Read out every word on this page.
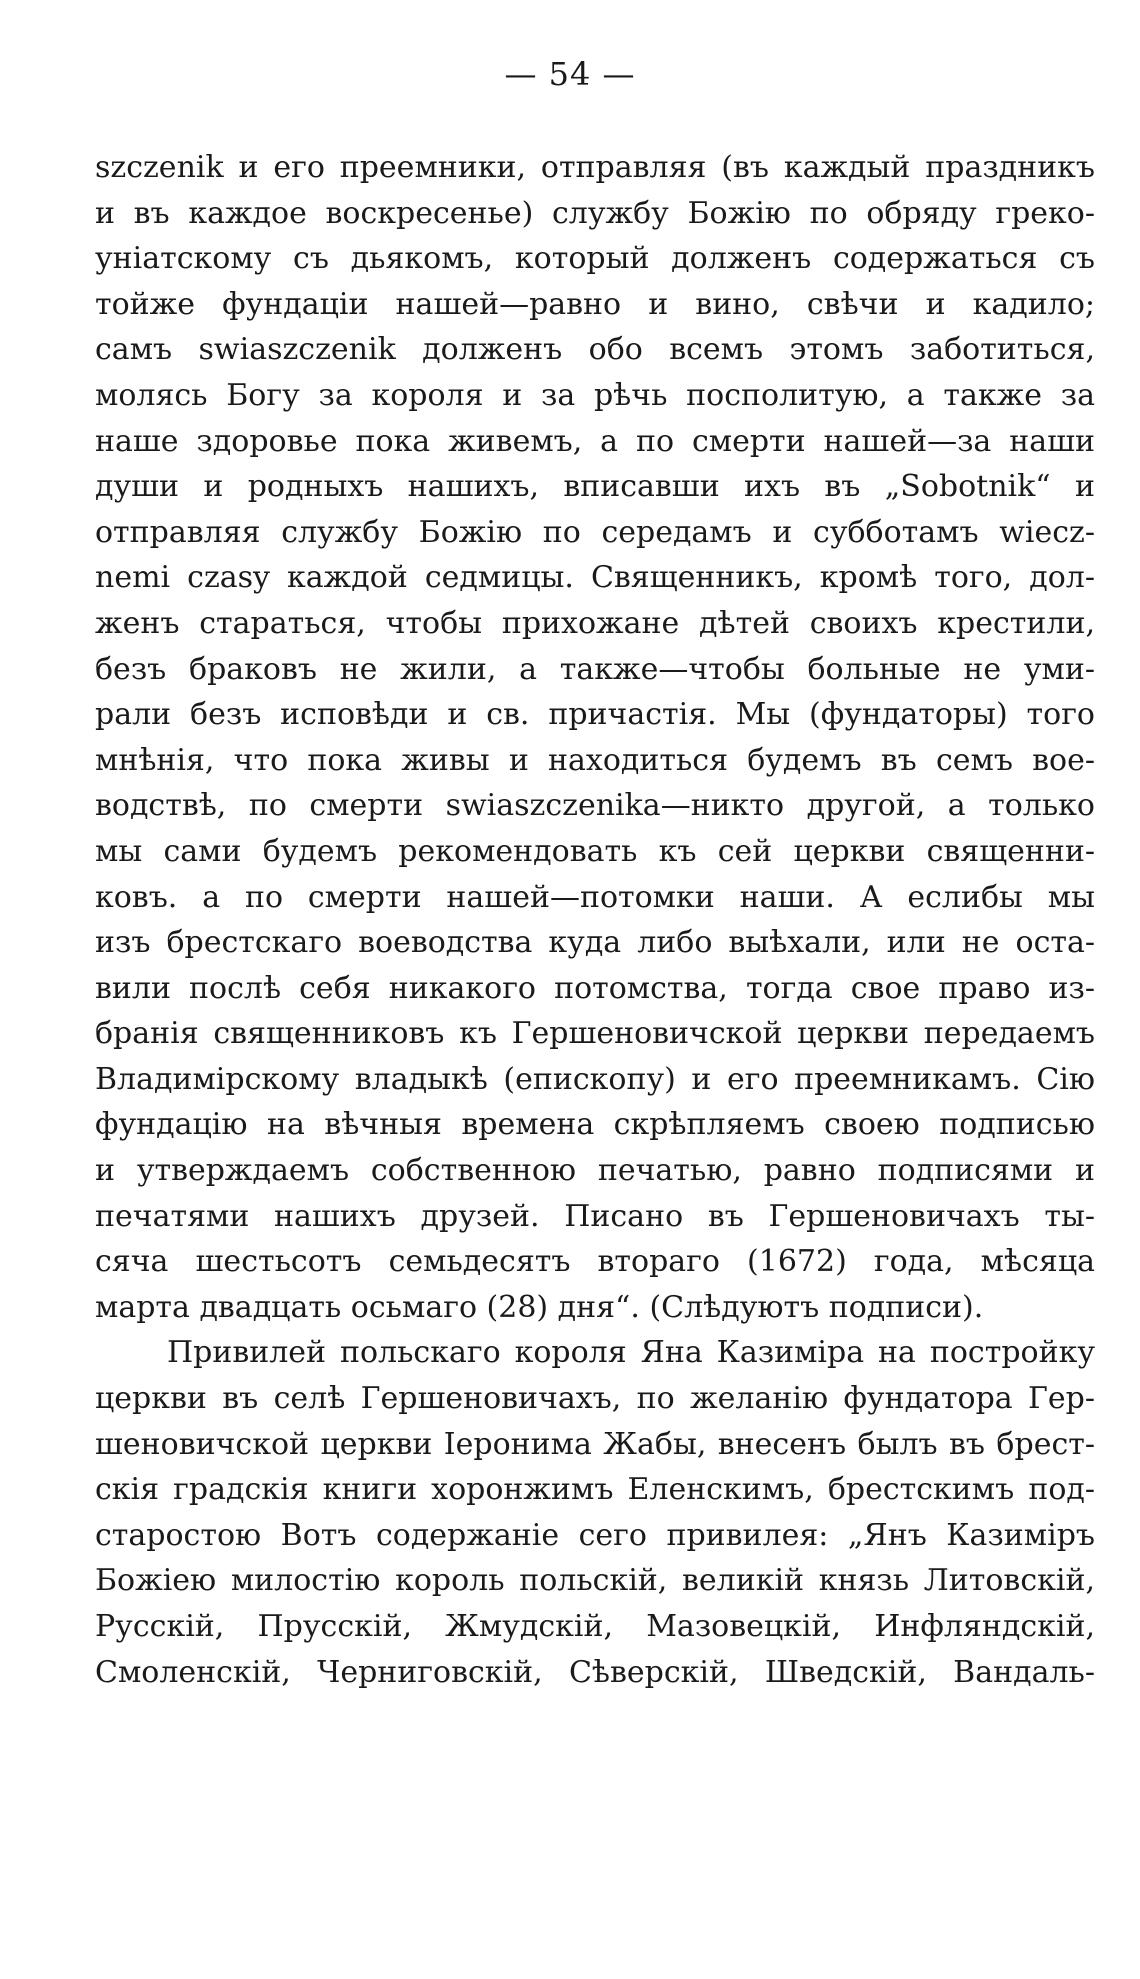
— 54 —
szczenik и его преемники, отправляя (въ каждый праздникъ
и въ каждое воскресенье) службу Божію по обряду греко-
уніатскому съ дьякомъ, который долженъ содержаться съ
тойже фундаціи нашей—равно и вино, свѣчи и кадило;
самъ swiaszczenik долженъ обо всемъ этомъ заботиться,
молясь Богу за короля и за рѣчь посполитую, а также за
наше здоровье пока живемъ, а по смерти нашей—за наши
души и родныхъ нашихъ, вписавши ихъ въ „Sobotnik“ и
отправляя службу Божію по середамъ и субботамъ wiecz-
nemi czasy каждой седмицы. Священникъ, кромѣ того, дол-
женъ стараться, чтобы прихожане дѣтей своихъ крестили,
безъ браковъ не жили, а также—чтобы больные не уми-
рали безъ исповѣди и св. причастія. Мы (фундаторы) того
мнѣнія, что пока живы и находиться будемъ въ семъ вое-
водствѣ, по смерти swiaszczenika—никто другой, а только
мы сами будемъ рекомендовать къ сей церкви священни-
ковъ. а по смерти нашей—потомки наши. А еслибы мы
изъ брестскаго воеводства куда либо выѣхали, или не оста-
вили послѣ себя никакого потомства, тогда свое право из-
бранія священниковъ къ Гершеновичской церкви передаемъ
Владимірскому владыкѣ (епископу) и его преемникамъ. Сію
фундацію на вѣчныя времена скрѣпляемъ своею подписью
и утверждаемъ собственною печатью, равно подписями и
печатями нашихъ друзей. Писано въ Гершеновичахъ ты-
сяча шестьсотъ семьдесятъ втораго (1672) года, мѣсяца
марта двадцать осьмаго (28) дня“. (Слѣдуютъ подписи).
Привилей польскаго короля Яна Казиміра на постройку
церкви въ селѣ Гершеновичахъ, по желанію фундатора Гер-
шеновичской церкви Іеронима Жабы, внесенъ былъ въ брест-
скія градскія книги хоронжимъ Еленскимъ, брестскимъ под-
старостою Вотъ содержаніе сего привилея: „Янъ Казиміръ
Божіею милостію король польскій, великій князь Литовскій,
Русскій, Прусскій, Жмудскій, Мазовецкій, Инфляндскій,
Смоленскій, Черниговскій, Сѣверскій, Шведскій, Вандаль-
